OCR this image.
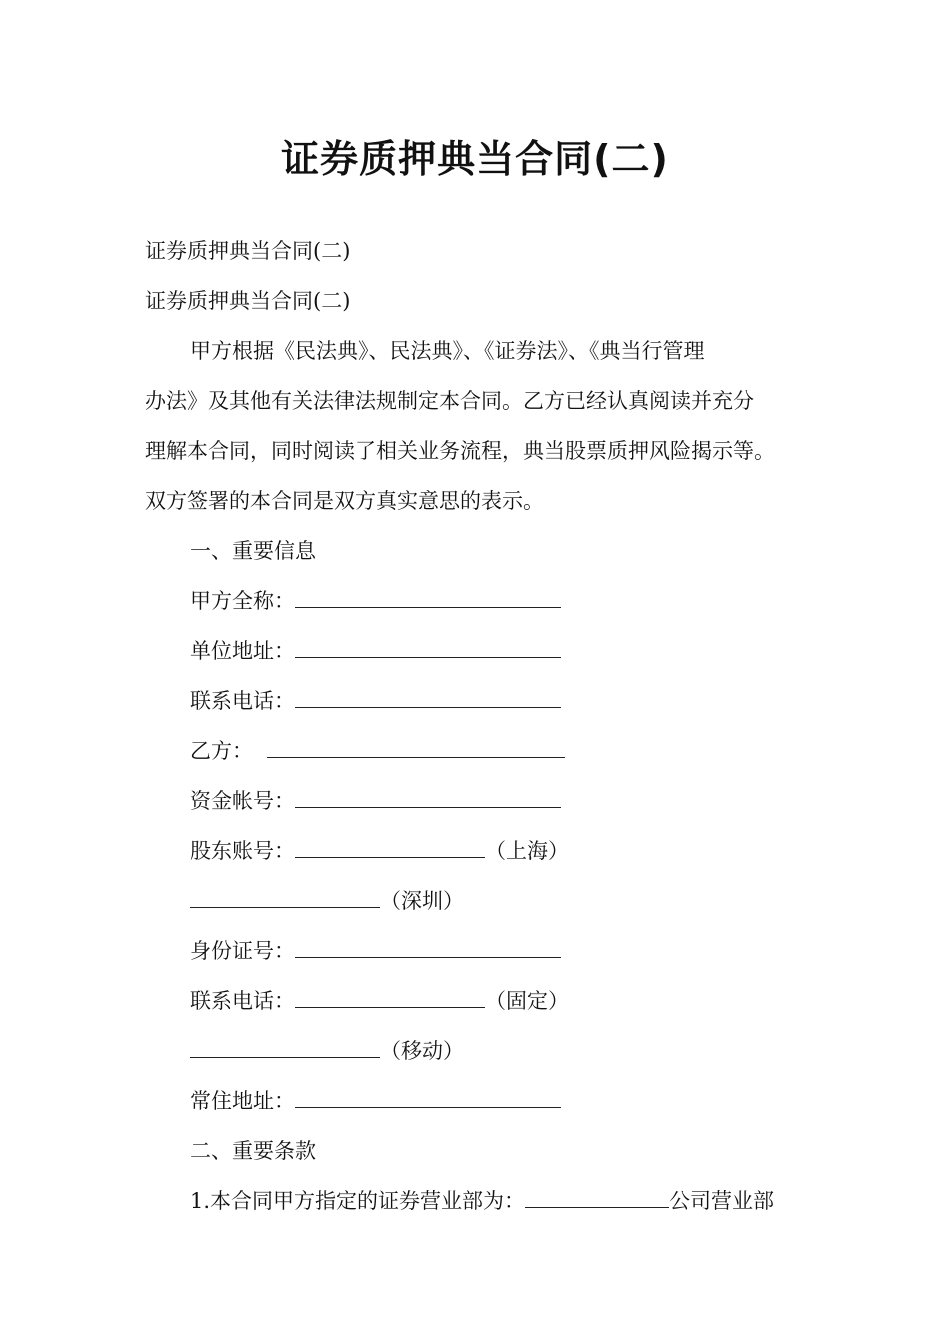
证券质押典当合同(二)
证券质押典当合同(二)
证券质押典当合同(二)
甲方根据《民法典》、民法典》、《证券法》、《典当行管理
办法》及其他有关法律法规制定本合同。乙方已经认真阅读并充分
理解本合同，同时阅读了相关业务流程，典当股票质押风险揭示等。
双方签署的本合同是双方真实意思的表示。
一、重要信息
甲方全称：
单位地址：
联系电话：
乙方：
资金帐号：
股东账号：	（上海）
（深圳）
身份证号：
联系电话：	（固定）
（移动）
常住地址：
二、重要条款
1.本合同甲方指定的证券营业部为：	公司营业部
